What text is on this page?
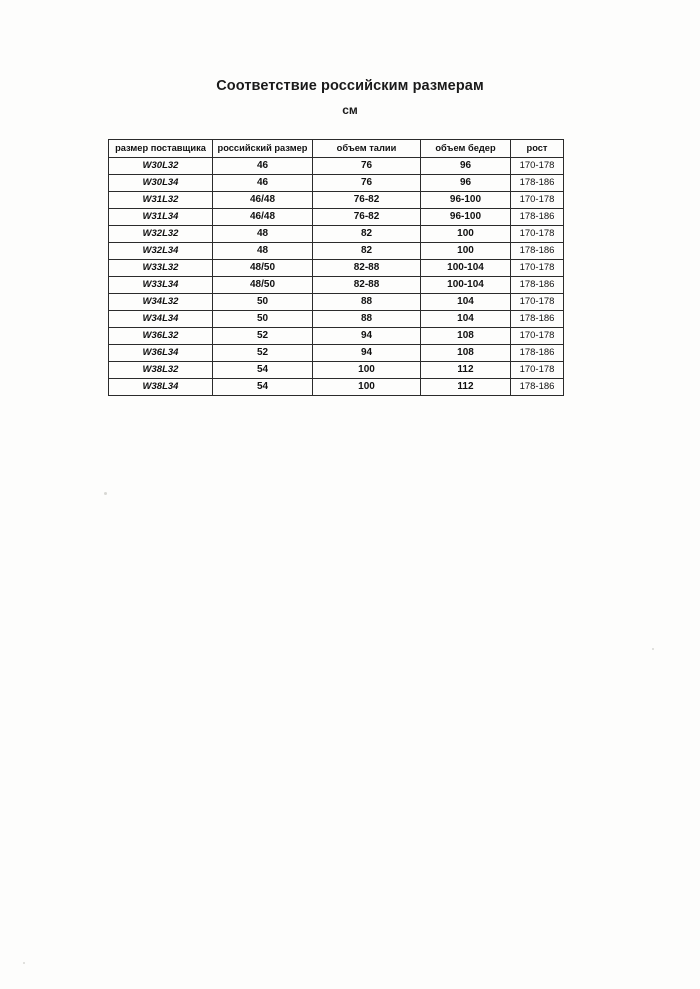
Соответствие российским размерам
см
размер поставщика	российский размер	объем талии	объем бедер	рост
W30L32	46	76	96	170-178
W30L34	46	76	96	178-186
W31L32	46/48	76-82	96-100	170-178
W31L34	46/48	76-82	96-100	178-186
W32L32	48	82	100	170-178
W32L34	48	82	100	178-186
W33L32	48/50	82-88	100-104	170-178
W33L34	48/50	82-88	100-104	178-186
W34L32	50	88	104	170-178
W34L34	50	88	104	178-186
W36L32	52	94	108	170-178
W36L34	52	94	108	178-186
W38L32	54	100	112	170-178
W38L34	54	100	112	178-186
